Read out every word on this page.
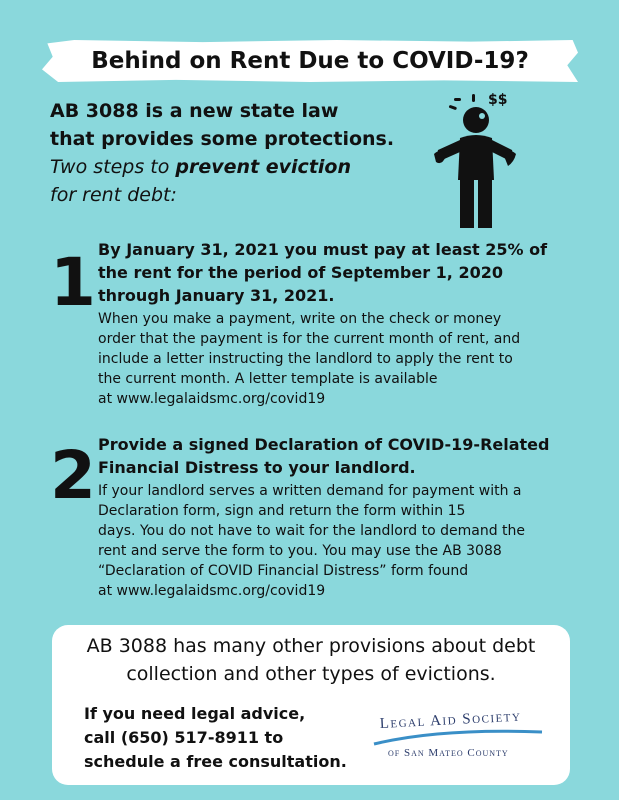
Behind on Rent Due to COVID-19?
AB 3088 is a new state law
that provides some protections.
Two steps to prevent eviction
for rent debt:
$$
1 By January 31, 2021 you must pay at least 25% of
the rent for the period of September 1, 2020
through January 31, 2021.
When you make a payment, write on the check or money
order that the payment is for the current month of rent, and
include a letter instructing the landlord to apply the rent to
the current month. A letter template is available
at www.legalaidsmc.org/covid19
2 Provide a signed Declaration of COVID-19-Related
Financial Distress to your landlord.
If your landlord serves a written demand for payment with a
Declaration form, sign and return the form within 15
days. You do not have to wait for the landlord to demand the
rent and serve the form to you. You may use the AB 3088
“Declaration of COVID Financial Distress” form found
at www.legalaidsmc.org/covid19
AB 3088 has many other provisions about debt
collection and other types of evictions.
If you need legal advice,
call (650) 517-8911 to
schedule a free consultation.
Legal Aid Society
of San Mateo County
